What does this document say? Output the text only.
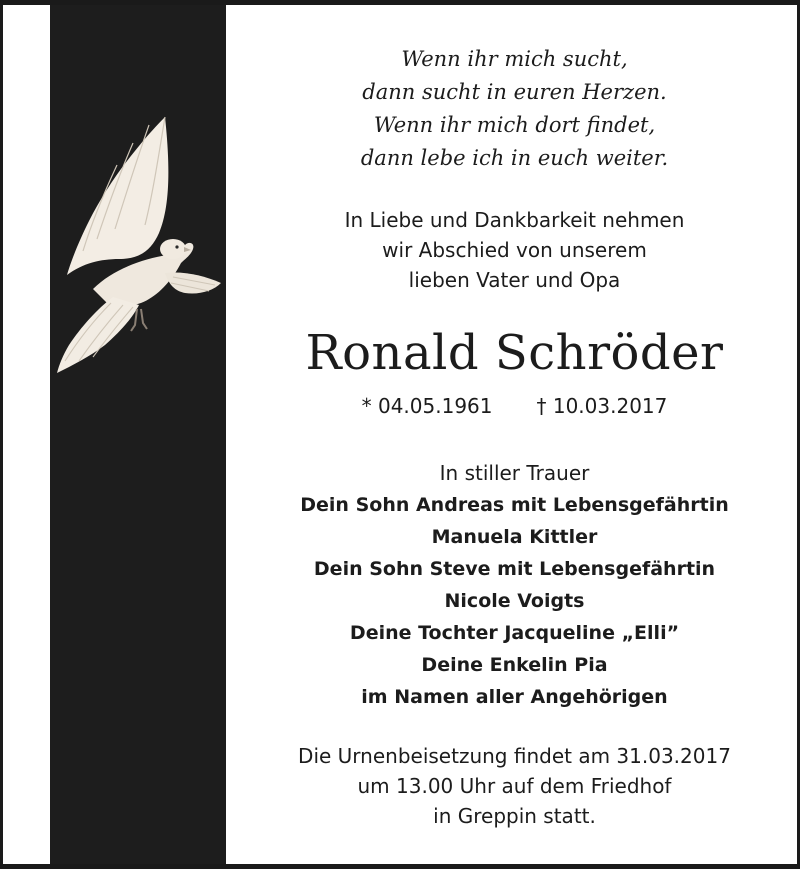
Wenn ihr mich sucht,
dann sucht in euren Herzen.
Wenn ihr mich dort findet,
dann lebe ich in euch weiter.
In Liebe und Dankbarkeit nehmen
wir Abschied von unserem
lieben Vater und Opa
Ronald Schröder
* 04.05.1961 † 10.03.2017
In stiller Trauer
Dein Sohn Andreas mit Lebensgefährtin
Manuela Kittler
Dein Sohn Steve mit Lebensgefährtin
Nicole Voigts
Deine Tochter Jacqueline „Elli”
Deine Enkelin Pia
im Namen aller Angehörigen
Die Urnenbeisetzung findet am 31.03.2017
um 13.00 Uhr auf dem Friedhof
in Greppin statt.
